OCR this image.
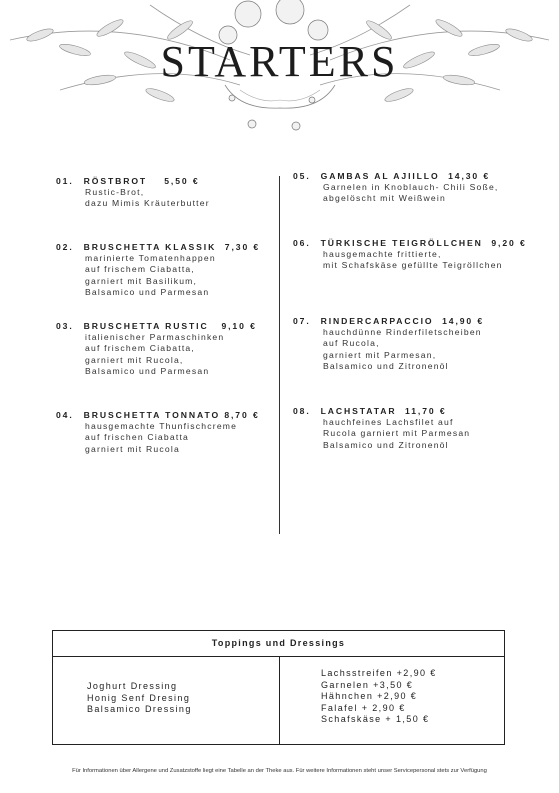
STARTERS
01. RÖSTBROT 5,50 €
Rustic-Brot,
dazu Mimis Kräuterbutter
02. BRUSCHETTA KLASSIK 7,30 €
marinierte Tomatenhappen
auf frischem Ciabatta,
garniert mit Basilikum,
Balsamico und Parmesan
03. BRUSCHETTA RUSTIC 9,10 €
italienischer Parmaschinken
auf frischem Ciabatta,
garniert mit Rucola,
Balsamico und Parmesan
04. BRUSCHETTA TONNATO 8,70 €
hausgemachte Thunfischcreme
auf frischen Ciabatta
garniert mit Rucola
05. GAMBAS AL AJIILLO 14,30 €
Garnelen in Knoblauch- Chili Soße,
abgelöscht mit Weißwein
06. TÜRKISCHE TEIGRÖLLCHEN 9,20 €
hausgemachte frittierte,
mit Schafskäse gefüllte Teigröllchen
07. RINDERCARPACCIO 14,90 €
hauchdünne Rinderfiletscheiben
auf Rucola,
garniert mit Parmesan,
Balsamico und Zitronenöl
08. LACHSTATAR 11,70 €
hauchfeines Lachsfilet auf
Rucola garniert mit Parmesan
Balsamico und Zitronenöl
Toppings und Dressings
Joghurt Dressing
Honig Senf Dresing
Balsamico Dressing
Lachsstreifen +2,90 €
Garnelen +3,50 €
Hähnchen +2,90 €
Falafel + 2,90 €
Schafskäse + 1,50 €
Für Informationen über Allergene und Zusatzstoffe liegt eine Tabelle an der Theke aus. Für weitere Informationen steht unser Servicepersonal stets zur Verfügung
